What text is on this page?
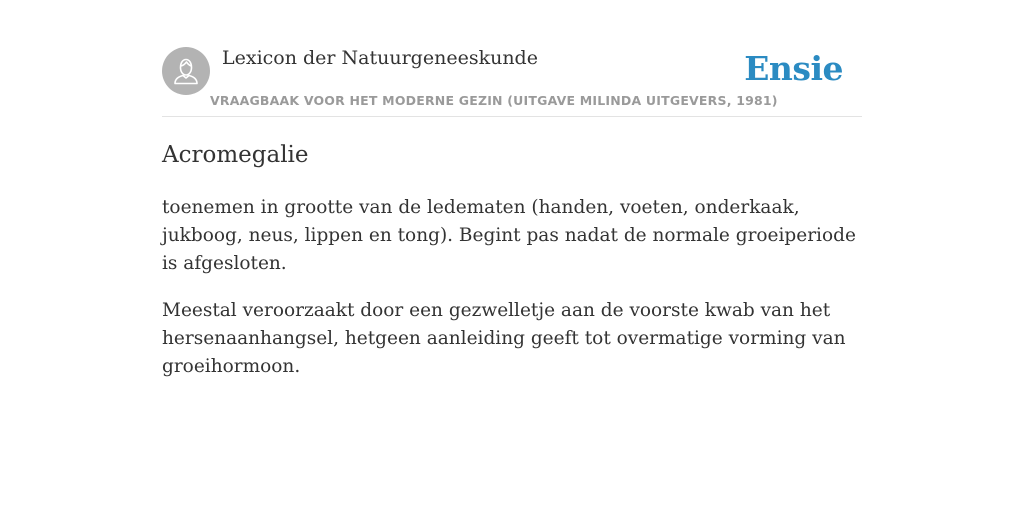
Lexicon der Natuurgeneeskunde
VRAAGBAAK VOOR HET MODERNE GEZIN (UITGAVE MILINDA UITGEVERS, 1981)
Ensie
Acromegalie

toenemen in grootte van de ledematen (handen, voeten, onderkaak, jukboog, neus, lippen en tong). Begint pas nadat de normale groeiperiode is afgesloten.

Meestal veroorzaakt door een gezwelletje aan de voorste kwab van het hersenaanhangsel, hetgeen aanleiding geeft tot overmatige vorming van groeihormoon.
